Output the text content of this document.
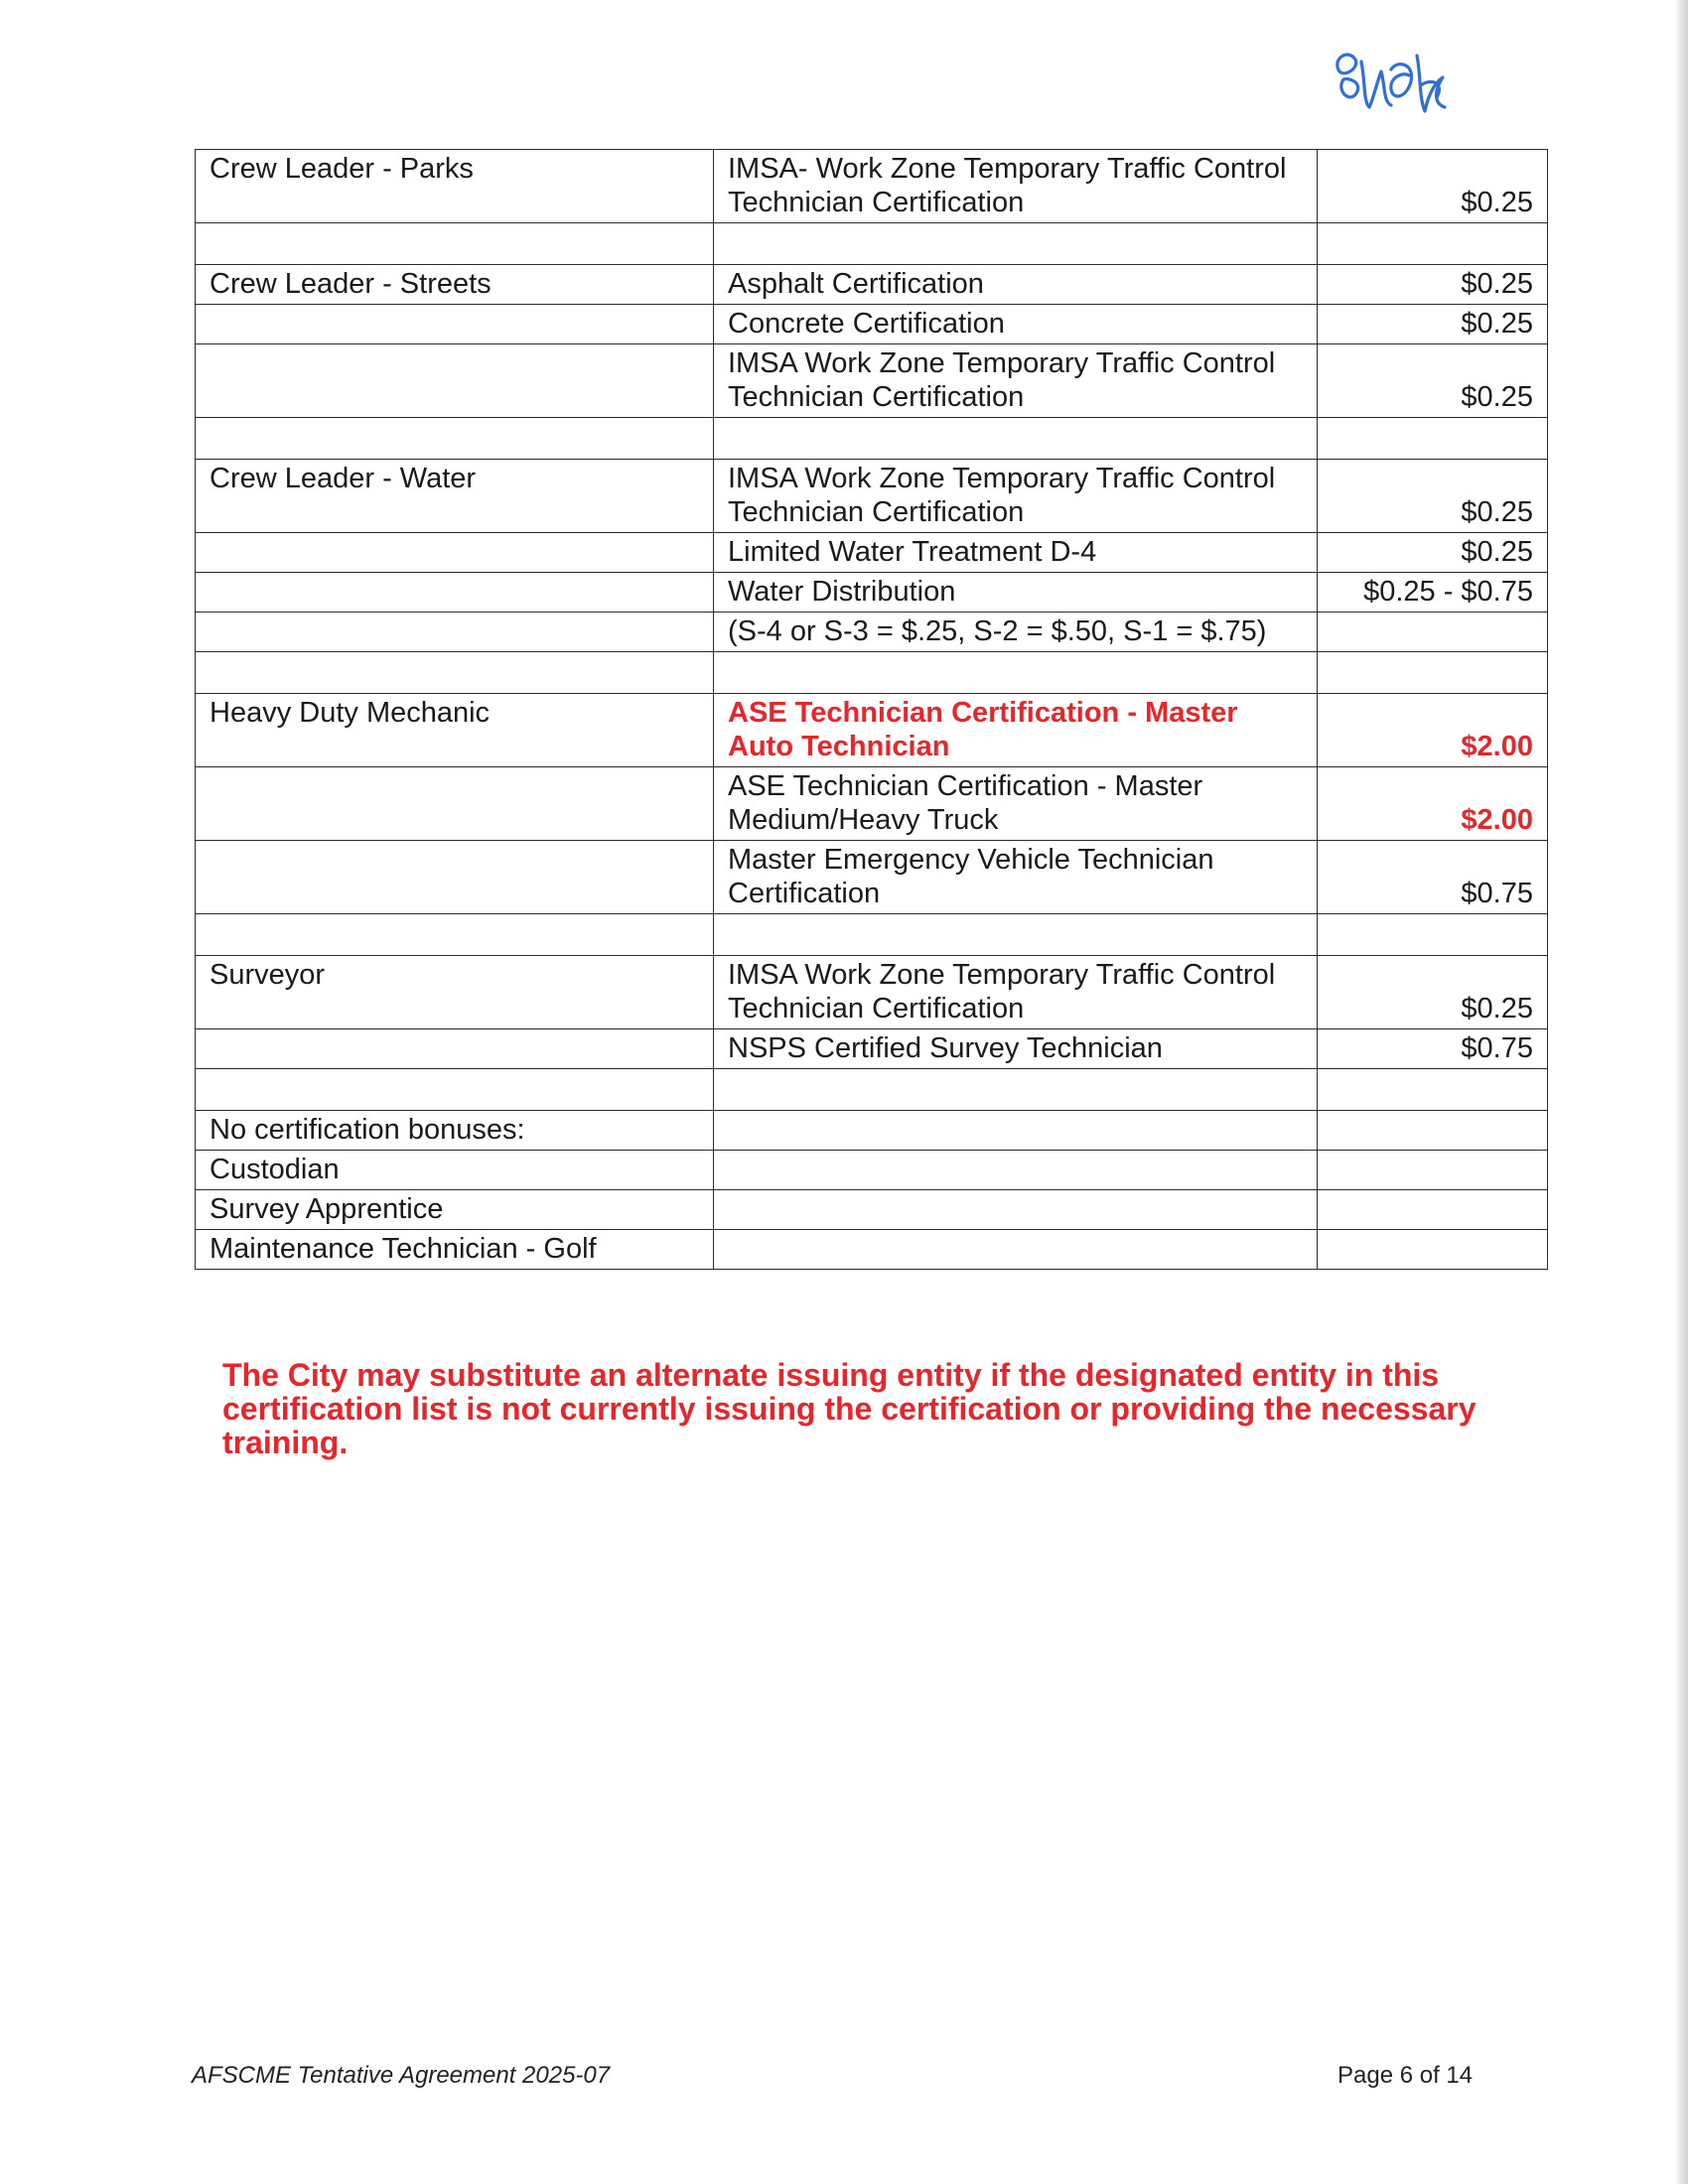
Crew Leader - Parks	IMSA- Work Zone Temporary Traffic Control Technician Certification	$0.25

Crew Leader - Streets	Asphalt Certification	$0.25
	Concrete Certification	$0.25
	IMSA Work Zone Temporary Traffic Control Technician Certification	$0.25

Crew Leader - Water	IMSA Work Zone Temporary Traffic Control Technician Certification	$0.25
	Limited Water Treatment D-4	$0.25
	Water Distribution	$0.25 - $0.75
	(S-4 or S-3 = $.25, S-2 = $.50, S-1 = $.75)	

Heavy Duty Mechanic	ASE Technician Certification - Master Auto Technician	$2.00
	ASE Technician Certification - Master Medium/Heavy Truck	$2.00
	Master Emergency Vehicle Technician Certification	$0.75

Surveyor	IMSA Work Zone Temporary Traffic Control Technician Certification	$0.25
	NSPS Certified Survey Technician	$0.75

No certification bonuses:		
Custodian		
Survey Apprentice		
Maintenance Technician - Golf		

The City may substitute an alternate issuing entity if the designated entity in this certification list is not currently issuing the certification or providing the necessary training.

AFSCME Tentative Agreement 2025-07	Page 6 of 14
